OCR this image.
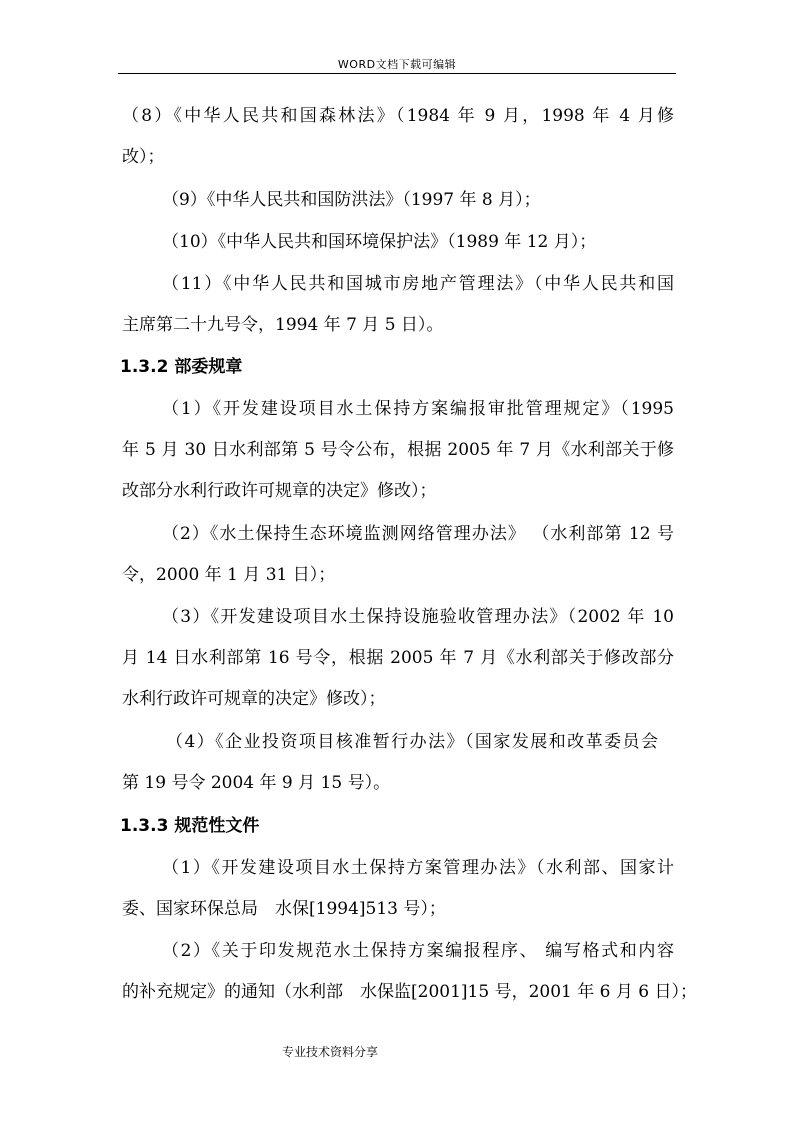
WORD文档下载可编辑
（8）《中华人民共和国森林法》（1984 年 9 月，1998 年 4 月修
改）；
（9）《中华人民共和国防洪法》（1997 年 8 月）；
（10）《中华人民共和国环境保护法》（1989 年 12 月）；
（11）《中华人民共和国城市房地产管理法》（中华人民共和国
主席第二十九号令，1994 年 7 月 5 日）。
1.3.2 部委规章
（1）《开发建设项目水土保持方案编报审批管理规定》（1995
年 5 月 30 日水利部第 5 号令公布，根据 2005 年 7 月《水利部关于修
改部分水利行政许可规章的决定》修改）；
（2）《水土保持生态环境监测网络管理办法》 （水利部第 12 号
令，2000 年 1 月 31 日）；
（3）《开发建设项目水土保持设施验收管理办法》（2002 年 10
月 14 日水利部第 16 号令，根据 2005 年 7 月《水利部关于修改部分
水利行政许可规章的决定》修改）；
（4）《企业投资项目核准暂行办法》（国家发展和改革委员会
第 19 号令 2004 年 9 月 15 号）。
1.3.3 规范性文件
（1）《开发建设项目水土保持方案管理办法》（水利部、国家计
委、国家环保总局　水保[1994]513 号）；
（2）《关于印发规范水土保持方案编报程序、 编写格式和内容
的补充规定》的通知（水利部　水保监[2001]15 号，2001 年 6 月 6 日）；
专业技术资料分享
